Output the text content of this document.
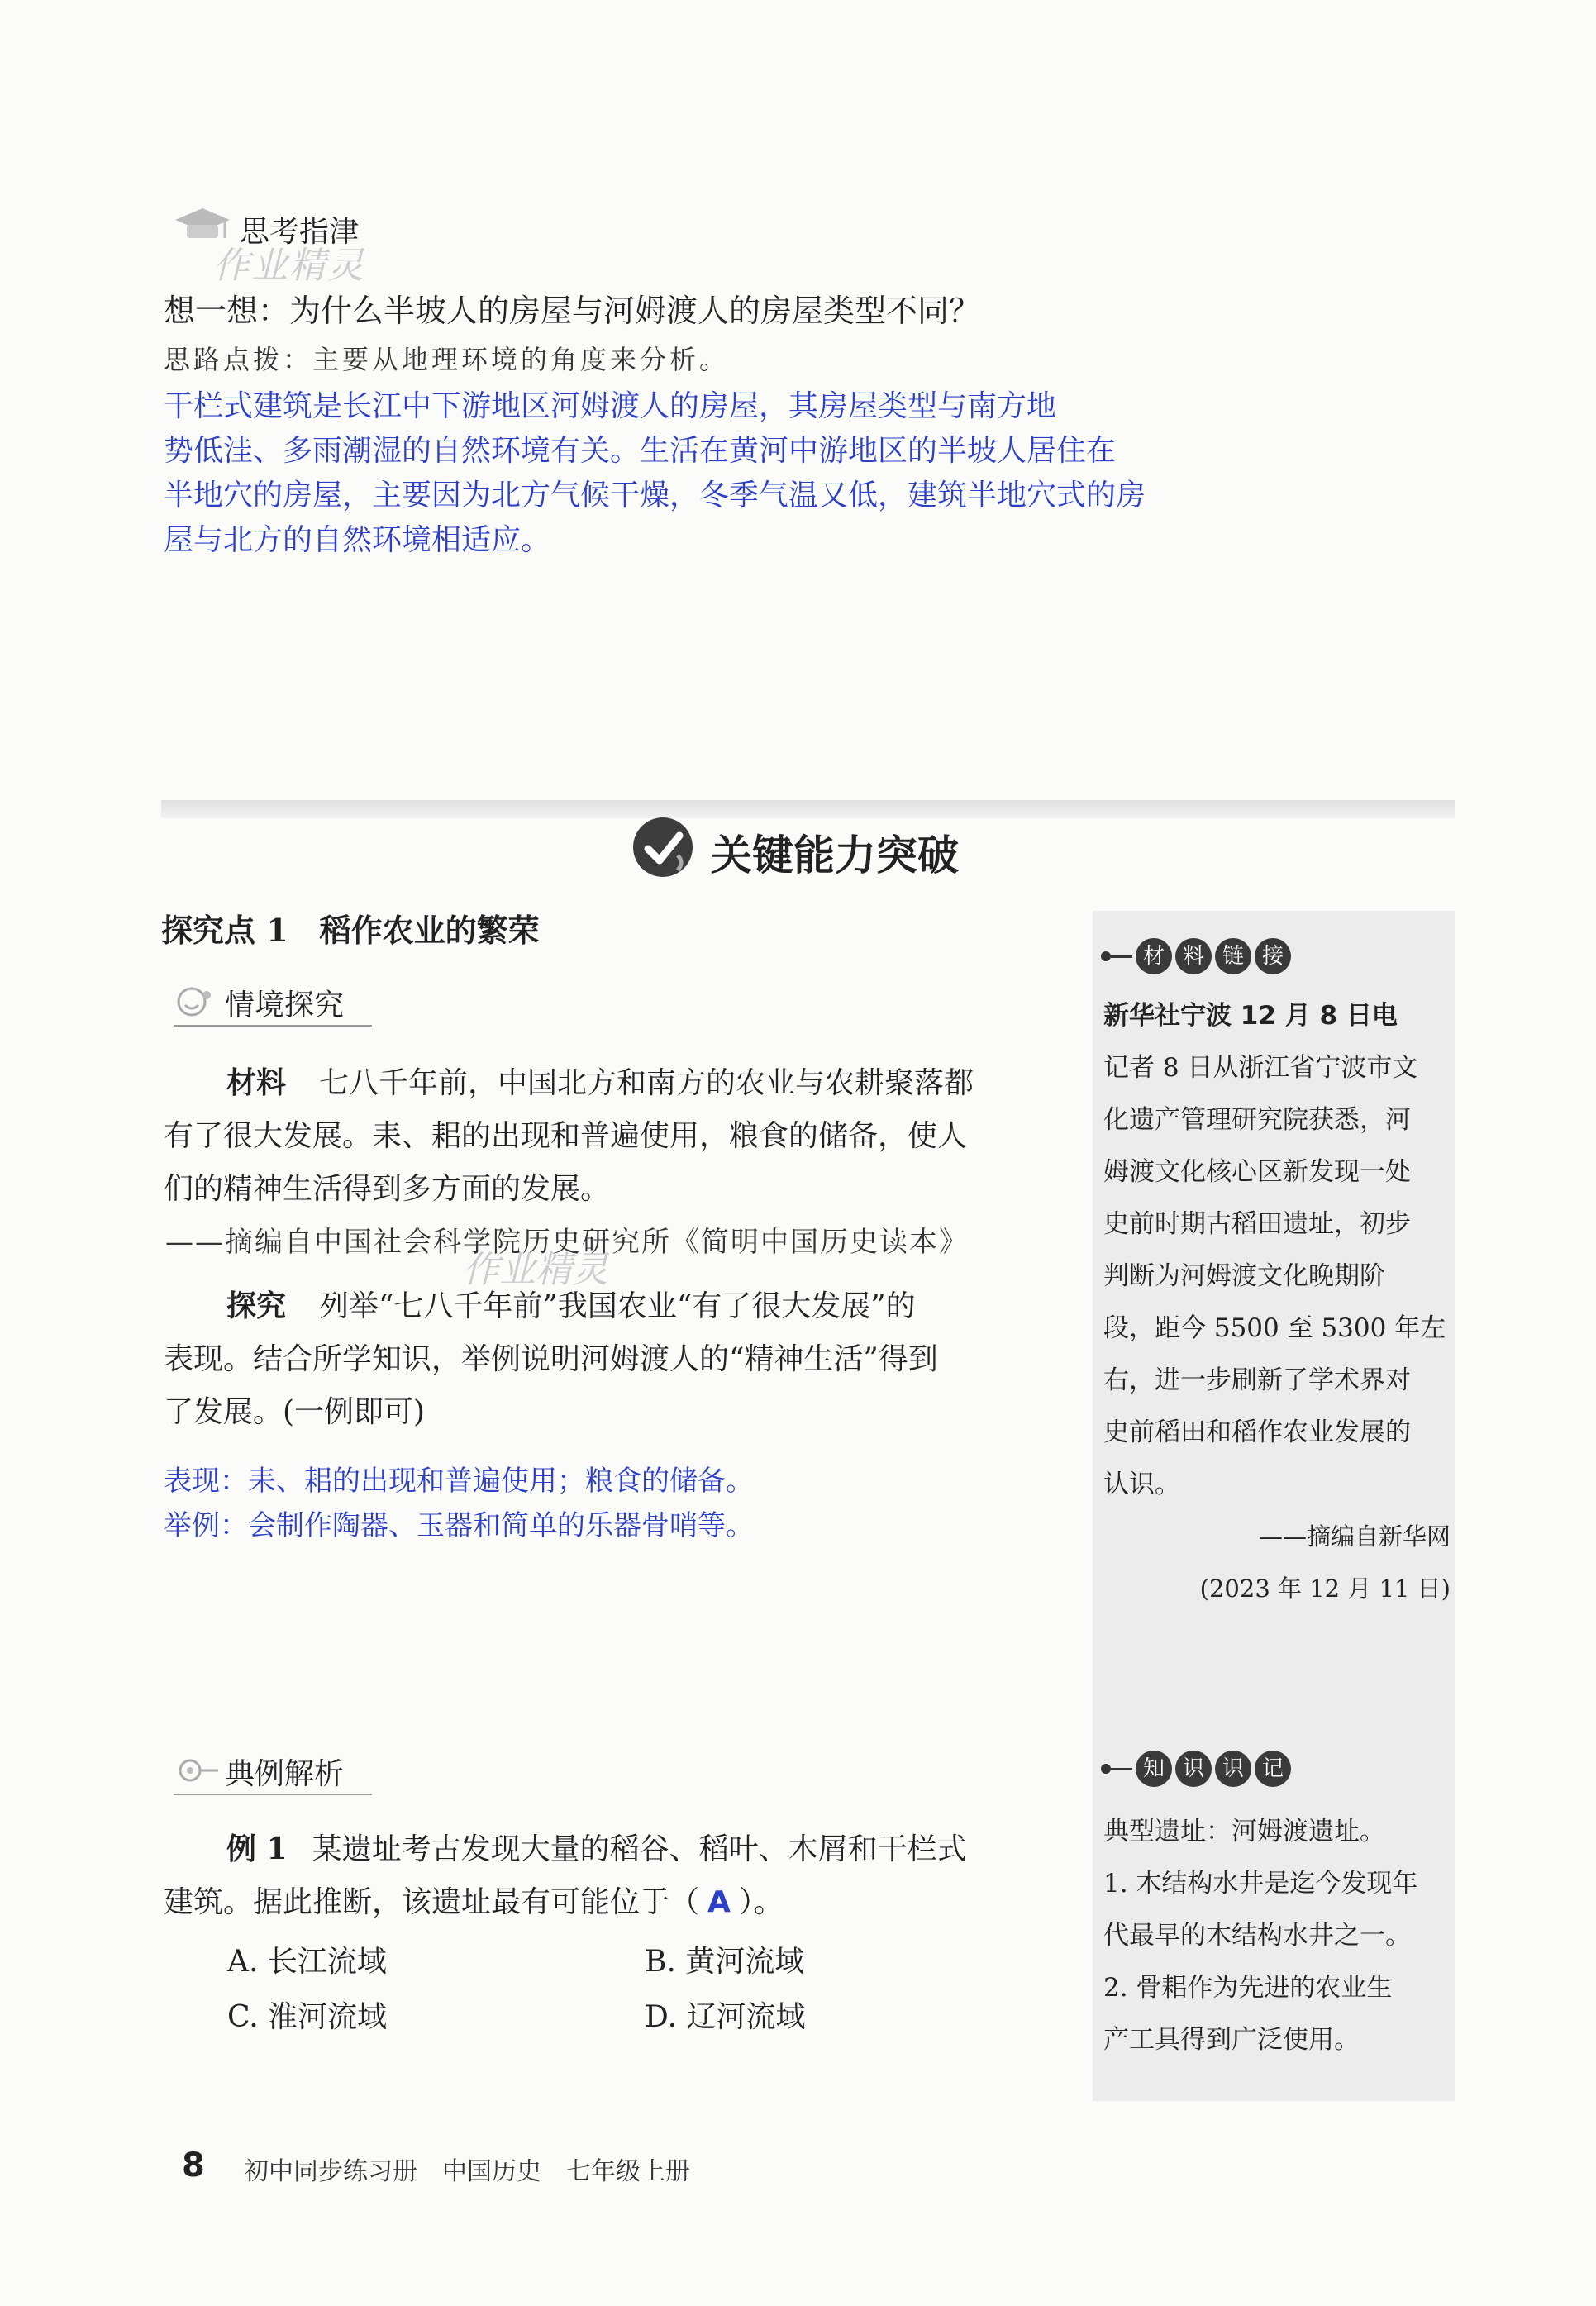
作业精灵
思考指津
想一想：为什么半坡人的房屋与河姆渡人的房屋类型不同？
思路点拨：主要从地理环境的角度来分析。
干栏式建筑是长江中下游地区河姆渡人的房屋，其房屋类型与南方地
势低洼、多雨潮湿的自然环境有关。生活在黄河中游地区的半坡人居住在
半地穴的房屋，主要因为北方气候干燥，冬季气温又低，建筑半地穴式的房
屋与北方的自然环境相适应。
关键能力突破
探究点 1　稻作农业的繁荣
情境探究
材料 七八千年前，中国北方和南方的农业与农耕聚落都
有了很大发展。耒、耜的出现和普遍使用，粮食的储备，使人
们的精神生活得到多方面的发展。
——摘编自中国社会科学院历史研究所《简明中国历史读本》
作业精灵
探究 列举“七八千年前”我国农业“有了很大发展”的
表现。结合所学知识，举例说明河姆渡人的“精神生活”得到
了发展。(一例即可)
表现：耒、耜的出现和普遍使用；粮食的储备。
举例：会制作陶器、玉器和简单的乐器骨哨等。
典例解析
例 1 某遗址考古发现大量的稻谷、稻叶、木屑和干栏式
建筑。据此推断，该遗址最有可能位于（ A ）。
A. 长江流域	B. 黄河流域
C. 淮河流域	D. 辽河流域
材 料 链 接
新华社宁波 12 月 8 日电
记者 8 日从浙江省宁波市文
化遗产管理研究院获悉，河
姆渡文化核心区新发现一处
史前时期古稻田遗址，初步
判断为河姆渡文化晚期阶
段，距今 5500 至 5300 年左
右，进一步刷新了学术界对
史前稻田和稻作农业发展的
认识。
——摘编自新华网
(2023 年 12 月 11 日)
知 识 识 记
典型遗址：河姆渡遗址。
1. 木结构水井是迄今发现年
代最早的木结构水井之一。
2. 骨耜作为先进的农业生
产工具得到广泛使用。
8 初中同步练习册　中国历史　七年级上册
